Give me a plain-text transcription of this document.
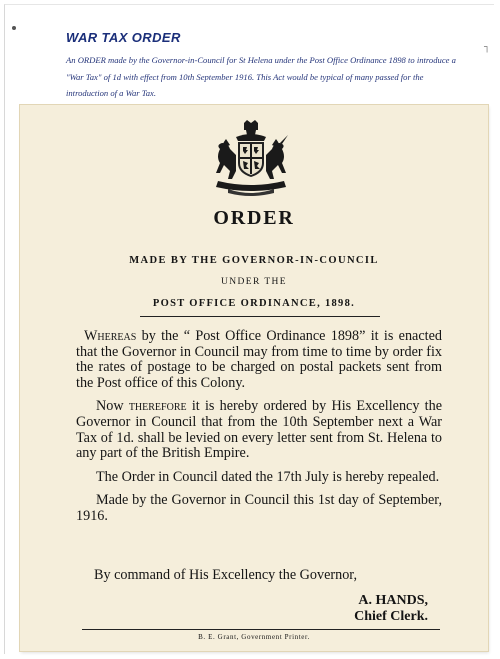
┐
WAR TAX ORDER

An ORDER made by the Governor-in-Council for St Helena under the Post Office Ordinance 1898 to introduce a "War Tax" of 1d with effect from 10th September 1916. This Act would be typical of many passed for the introduction of a War Tax.

ORDER
MADE BY THE GOVERNOR-IN-COUNCIL
UNDER THE
POST OFFICE ORDINANCE, 1898.

Whereas by the “ Post Office Ordinance 1898” it is enacted that the Governor in Council may from time to time by order fix the rates of postage to be charged on postal packets sent from the Post office of this Colony.

Now therefore it is hereby ordered by His Excellency the Governor in Council that from the 10th September next a War Tax of 1d. shall be levied on every letter sent from St. Helena to any part of the British Empire.

The Order in Council dated the 17th July is hereby repealed.

Made by the Governor in Council this 1st day of September, 1916.

By command of His Excellency the Governor,
A. HANDS,
Chief Clerk.
B. E. Grant, Government Printer.
